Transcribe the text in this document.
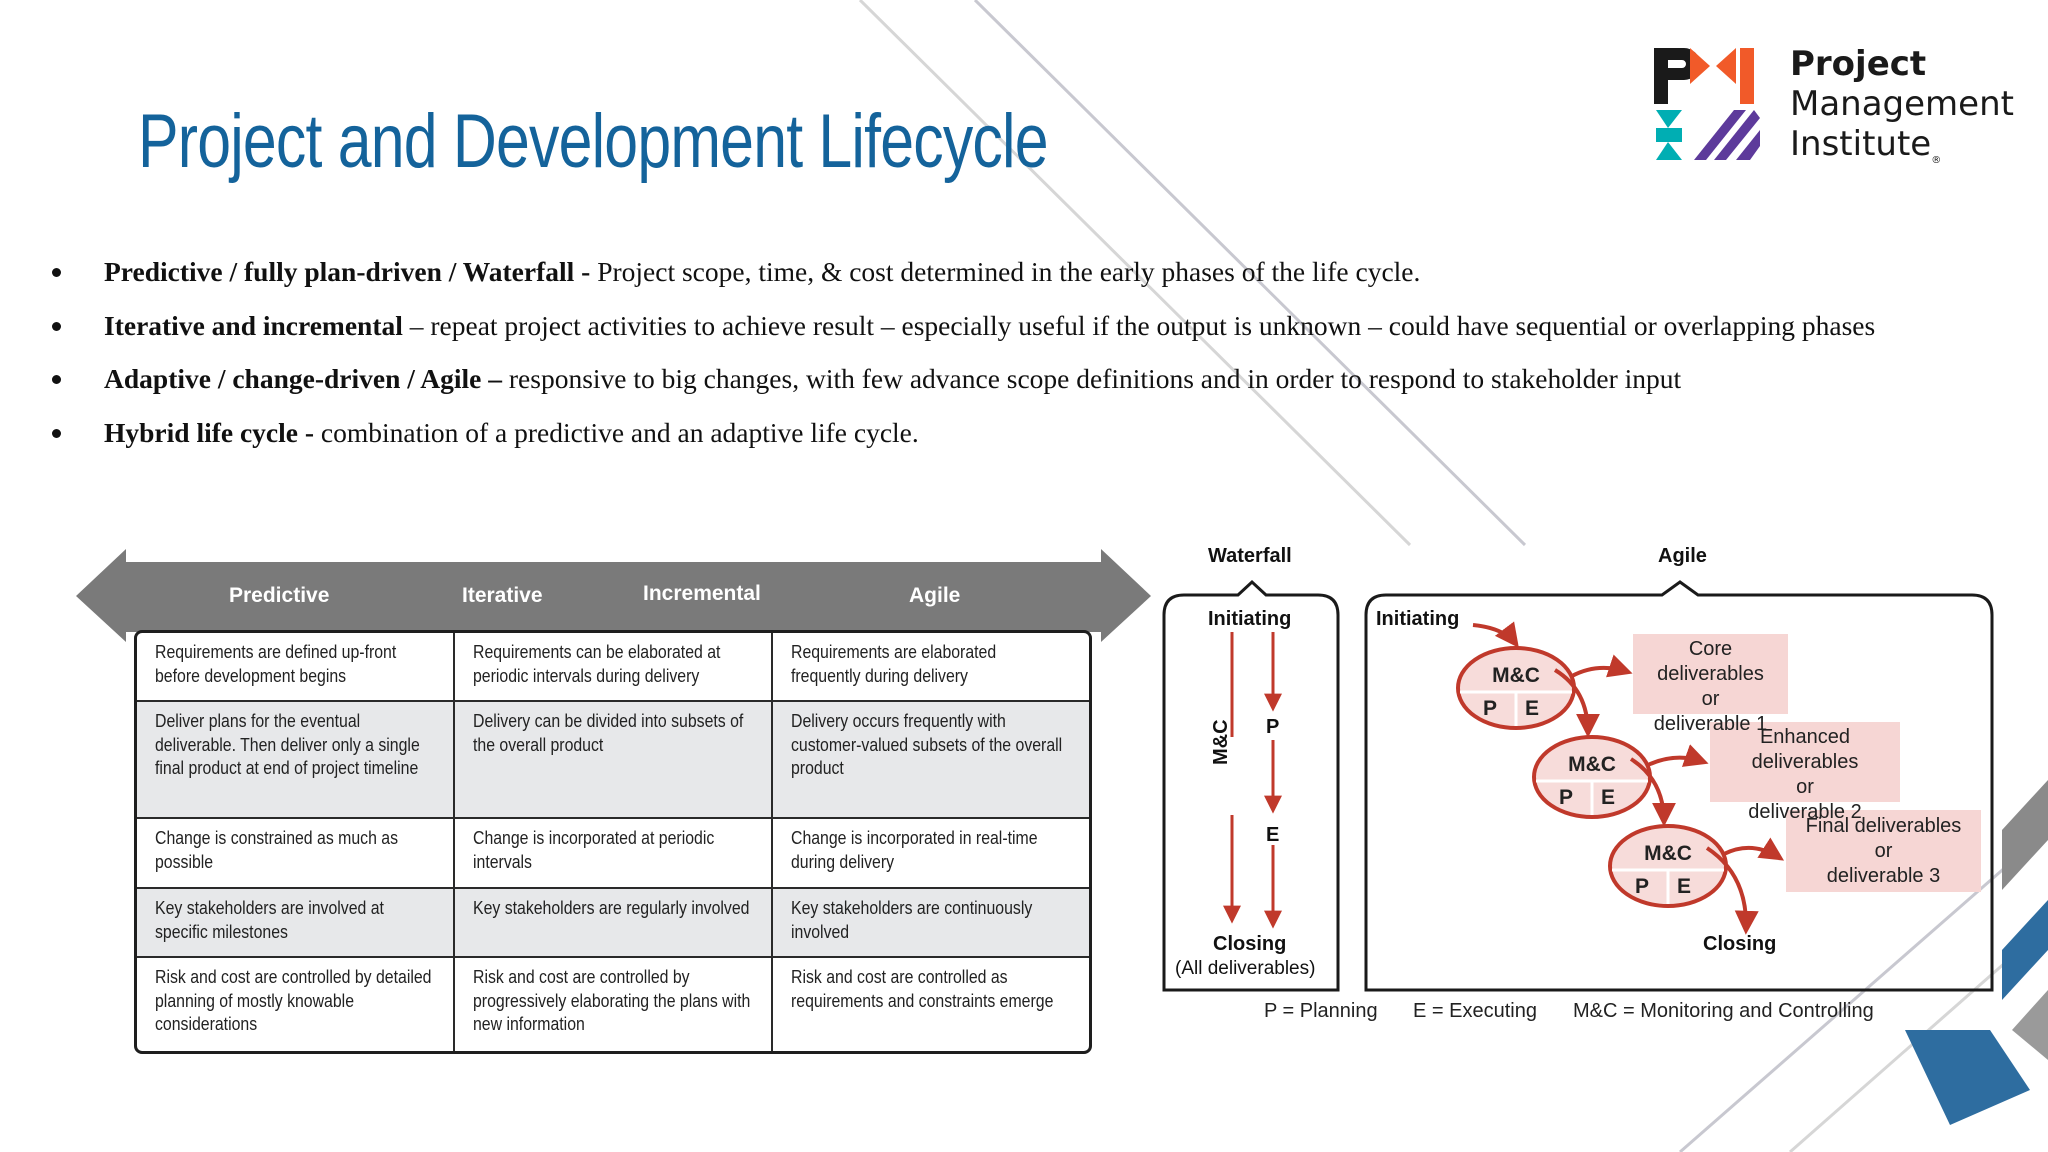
Project and Development Lifecycle
Project
Management
Institute$_®$
Predictive / fully plan-driven / Waterfall - Project scope, time, & cost determined in the early phases of the life cycle.
Iterative and incremental – repeat project activities to achieve result – especially useful if the output is unknown – could have sequential or overlapping phases
Adaptive / change-driven / Agile – responsive to big changes, with few advance scope definitions and in order to respond to stakeholder input
Hybrid life cycle - combination of a predictive and an adaptive life cycle.
Predictive	Iterative	Incremental	Agile
Requirements are defined up-front before development begins	Requirements can be elaborated at periodic intervals during delivery	Requirements are elaborated frequently during delivery

Deliver plans for the eventual deliverable. Then deliver only a single final product at end of project timeline	Delivery can be divided into subsets of the overall product	Delivery occurs frequently with customer-valued subsets of the overall product

Change is constrained as much as possible	Change is incorporated at periodic intervals	Change is incorporated in real-time during delivery

Key stakeholders are involved at specific milestones	Key stakeholders are regularly involved	Key stakeholders are continuously involved

Risk and cost are controlled by detailed planning of mostly knowable considerations	Risk and cost are controlled by progressively elaborating the plans with new information	Risk and cost are controlled as requirements and constraints emerge
Waterfall	Agile
Initiating
M&C P
E
Closing
(All deliverables)
Initiating
Closing
M&C
P E
M&C
P E
M&C
P E
Core deliverables
or
deliverable 1
Enhanced deliverables
or
deliverable 2
Final deliverables
or
deliverable 3
P = Planning E = Executing M&C = Monitoring and Controlling
